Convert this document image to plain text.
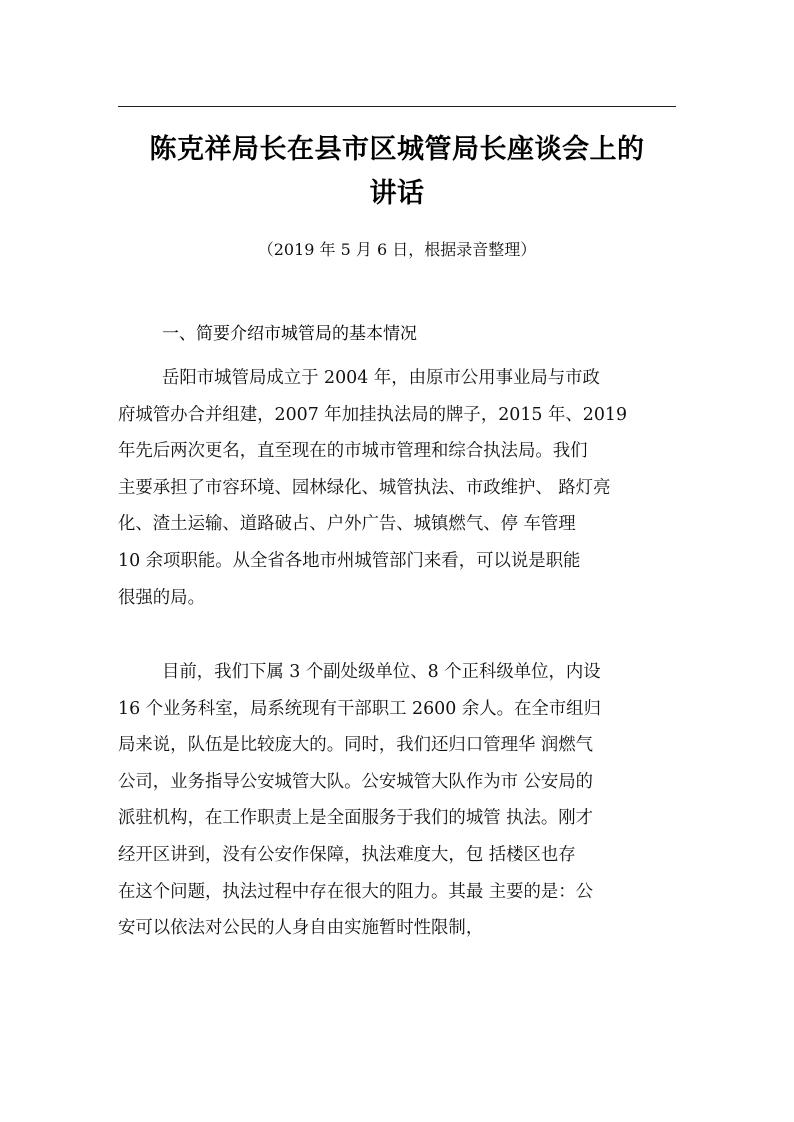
陈克祥局长在县市区城管局长座谈会上的
讲话
（2019 年 5 月 6 日，根据录音整理）
一、简要介绍市城管局的基本情况
岳阳市城管局成立于 2004 年，由原市公用事业局与市政
府城管办合并组建，2007 年加挂执法局的牌子，2015 年、2019
年先后两次更名，直至现在的市城市管理和综合执法局。我们
主要承担了市容环境、园林绿化、城管执法、市政维护、 路灯亮
化、渣土运输、道路破占、户外广告、城镇燃气、停 车管理
10 余项职能。从全省各地市州城管部门来看，可以说是职能
很强的局。
目前，我们下属 3 个副处级单位、8 个正科级单位，内设
16 个业务科室，局系统现有干部职工 2600 余人。在全市组归
局来说，队伍是比较庞大的。同时，我们还归口管理华 润燃气
公司，业务指导公安城管大队。公安城管大队作为市 公安局的
派驻机构，在工作职责上是全面服务于我们的城管 执法。刚才
经开区讲到，没有公安作保障，执法难度大，包 括楼区也存
在这个问题，执法过程中存在很大的阻力。其最 主要的是：公
安可以依法对公民的人身自由实施暂时性限制，
